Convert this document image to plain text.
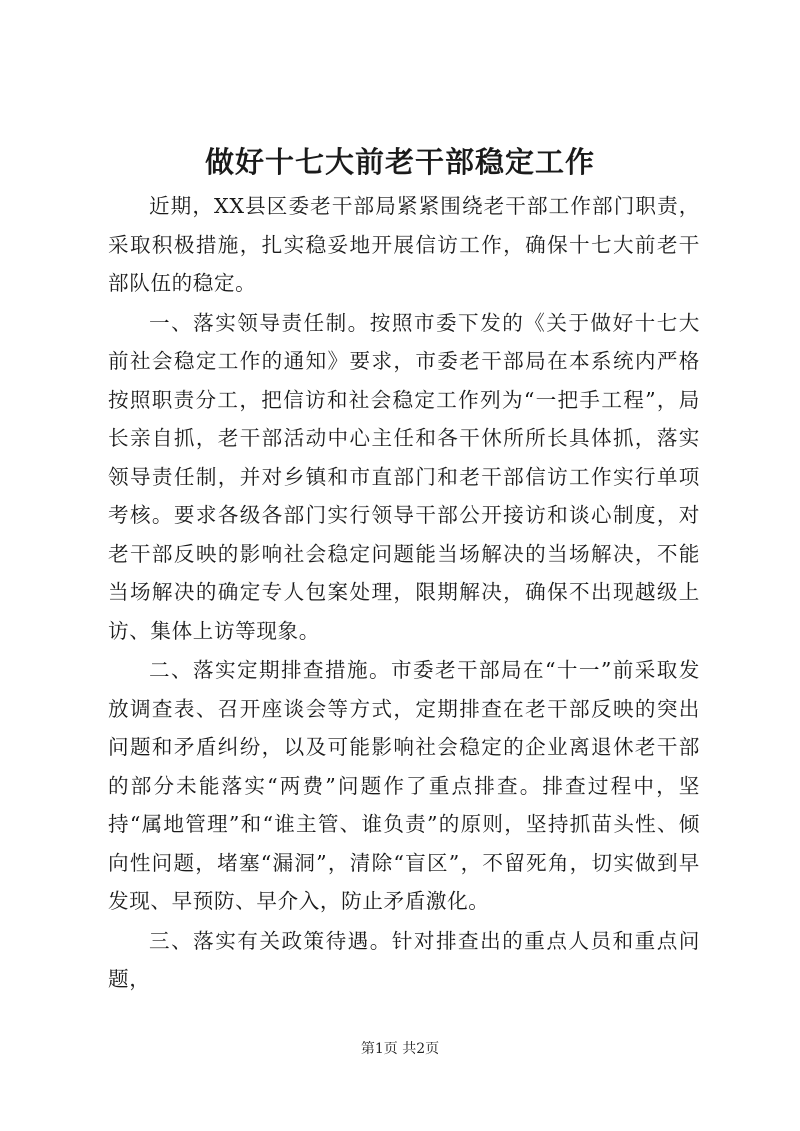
做好十七大前老干部稳定工作

近期，XX县区委老干部局紧紧围绕老干部工作部门职责，采取积极措施，扎实稳妥地开展信访工作，确保十七大前老干部队伍的稳定。

一、落实领导责任制。按照市委下发的《关于做好十七大前社会稳定工作的通知》要求，市委老干部局在本系统内严格按照职责分工，把信访和社会稳定工作列为“一把手工程”，局长亲自抓，老干部活动中心主任和各干休所所长具体抓，落实领导责任制，并对乡镇和市直部门和老干部信访工作实行单项考核。要求各级各部门实行领导干部公开接访和谈心制度，对老干部反映的影响社会稳定问题能当场解决的当场解决，不能当场解决的确定专人包案处理，限期解决，确保不出现越级上访、集体上访等现象。

二、落实定期排查措施。市委老干部局在“十一”前采取发放调查表、召开座谈会等方式，定期排查在老干部反映的突出问题和矛盾纠纷，以及可能影响社会稳定的企业离退休老干部的部分未能落实“两费”问题作了重点排查。排查过程中，坚持“属地管理”和“谁主管、谁负责”的原则，坚持抓苗头性、倾向性问题，堵塞“漏洞”，清除“盲区”，不留死角，切实做到早发现、早预防、早介入，防止矛盾激化。

三、落实有关政策待遇。针对排查出的重点人员和重点问题，

第1页 共2页
